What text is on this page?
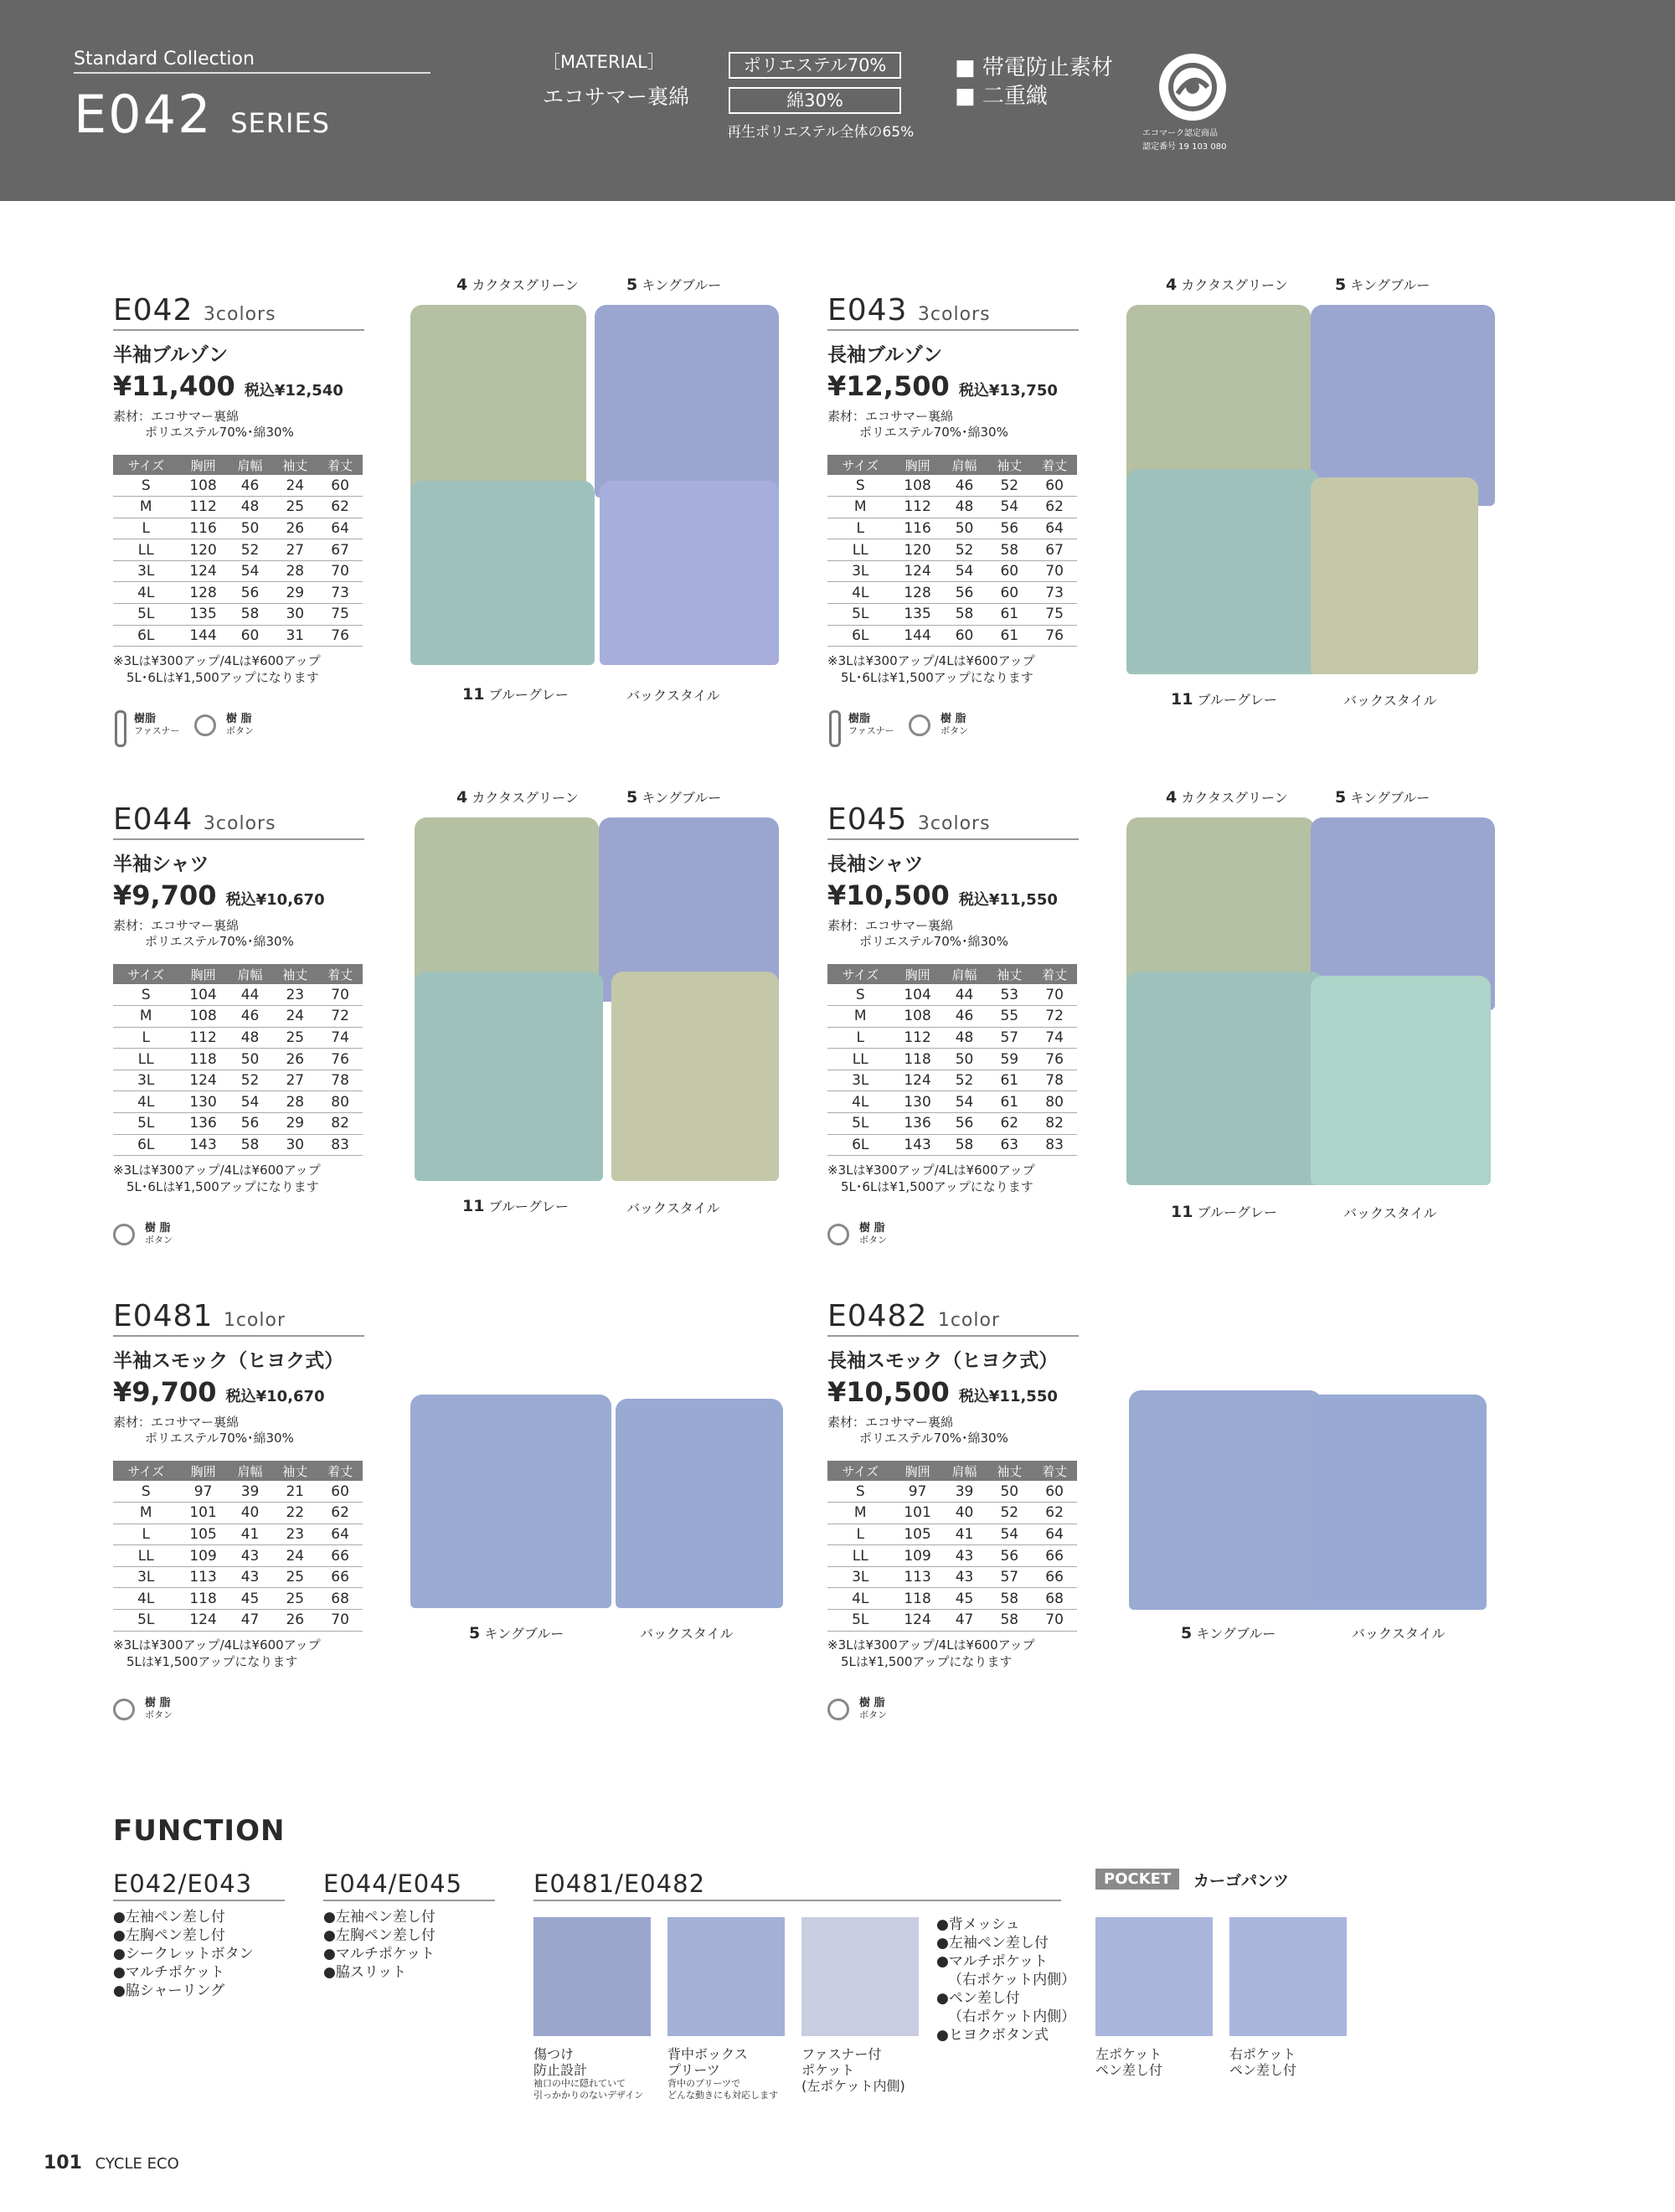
Standard Collection
E042 SERIES
［MATERIAL］
エコサマー裏綿
ポリエステル70%
綿30%
再生ポリエステル全体の65%
■ 帯電防止素材
■ 二重織
エコマーク認定商品
認定番号 19 103 080
E042 3colors
半袖ブルゾン
¥11,400 税込¥12,540
素材：エコサマー裏綿
ポリエステル70%･綿30%
サイズ	胸囲	肩幅	袖丈	着丈
S	108	46	24	60
M	112	48	25	62
L	116	50	26	64
LL	120	52	27	67
3L	124	54	28	70
4L	128	56	29	73
5L	135	58	30	75
6L	144	60	31	76
※3Lは¥300アップ/4Lは¥600アップ
5L･6Lは¥1,500アップになります
樹脂
ファスナー
樹 脂
ボタン
E043 3colors
長袖ブルゾン
¥12,500 税込¥13,750
素材：エコサマー裏綿
ポリエステル70%･綿30%
サイズ	胸囲	肩幅	袖丈	着丈
S	108	46	52	60
M	112	48	54	62
L	116	50	56	64
LL	120	52	58	67
3L	124	54	60	70
4L	128	56	60	73
5L	135	58	61	75
6L	144	60	61	76
※3Lは¥300アップ/4Lは¥600アップ
5L･6Lは¥1,500アップになります
樹脂
ファスナー
樹 脂
ボタン
E044 3colors
半袖シャツ
¥9,700 税込¥10,670
素材：エコサマー裏綿
ポリエステル70%･綿30%
サイズ	胸囲	肩幅	袖丈	着丈
S	104	44	23	70
M	108	46	24	72
L	112	48	25	74
LL	118	50	26	76
3L	124	52	27	78
4L	130	54	28	80
5L	136	56	29	82
6L	143	58	30	83
※3Lは¥300アップ/4Lは¥600アップ
5L･6Lは¥1,500アップになります
樹 脂
ボタン
E045 3colors
長袖シャツ
¥10,500 税込¥11,550
素材：エコサマー裏綿
ポリエステル70%･綿30%
サイズ	胸囲	肩幅	袖丈	着丈
S	104	44	53	70
M	108	46	55	72
L	112	48	57	74
LL	118	50	59	76
3L	124	52	61	78
4L	130	54	61	80
5L	136	56	62	82
6L	143	58	63	83
※3Lは¥300アップ/4Lは¥600アップ
5L･6Lは¥1,500アップになります
樹 脂
ボタン
E0481 1color
半袖スモック（ヒヨク式）
¥9,700 税込¥10,670
素材：エコサマー裏綿
ポリエステル70%･綿30%
サイズ	胸囲	肩幅	袖丈	着丈
S	97	39	21	60
M	101	40	22	62
L	105	41	23	64
LL	109	43	24	66
3L	113	43	25	66
4L	118	45	25	68
5L	124	47	26	70
※3Lは¥300アップ/4Lは¥600アップ
5Lは¥1,500アップになります
樹 脂
ボタン
E0482 1color
長袖スモック（ヒヨク式）
¥10,500 税込¥11,550
素材：エコサマー裏綿
ポリエステル70%･綿30%
サイズ	胸囲	肩幅	袖丈	着丈
S	97	39	50	60
M	101	40	52	62
L	105	41	54	64
LL	109	43	56	66
3L	113	43	57	66
4L	118	45	58	68
5L	124	47	58	70
※3Lは¥300アップ/4Lは¥600アップ
5Lは¥1,500アップになります
樹 脂
ボタン
4 カクタスグリーン	5 キングブルー
11 ブルーグレー	バックスタイル
4 カクタスグリーン	5 キングブルー
11 ブルーグレー	バックスタイル
4 カクタスグリーン	5 キングブルー
11 ブルーグレー	バックスタイル
4 カクタスグリーン	5 キングブルー
11 ブルーグレー	バックスタイル
5 キングブルー	バックスタイル	5 キングブルー	バックスタイル
FUNCTION
E042/E043
●左袖ペン差し付
●左胸ペン差し付
●シークレットボタン
●マルチポケット
●脇シャーリング
E044/E045
●左袖ペン差し付
●左胸ペン差し付
●マルチポケット
●脇スリット
E0481/E0482
●背メッシュ
●左袖ペン差し付
●マルチポケット
（右ポケット内側）
●ペン差し付
（右ポケット内側）
●ヒヨクボタン式
傷つけ
防止設計
袖口の中に隠れていて
引っかかりのないデザイン
背中ボックス
プリーツ
背中のプリーツで
どんな動きにも対応します
ファスナー付
ポケット
(左ポケット内側)
POCKET	カーゴパンツ
左ポケット
ペン差し付
右ポケット
ペン差し付
101 CYCLE ECO
